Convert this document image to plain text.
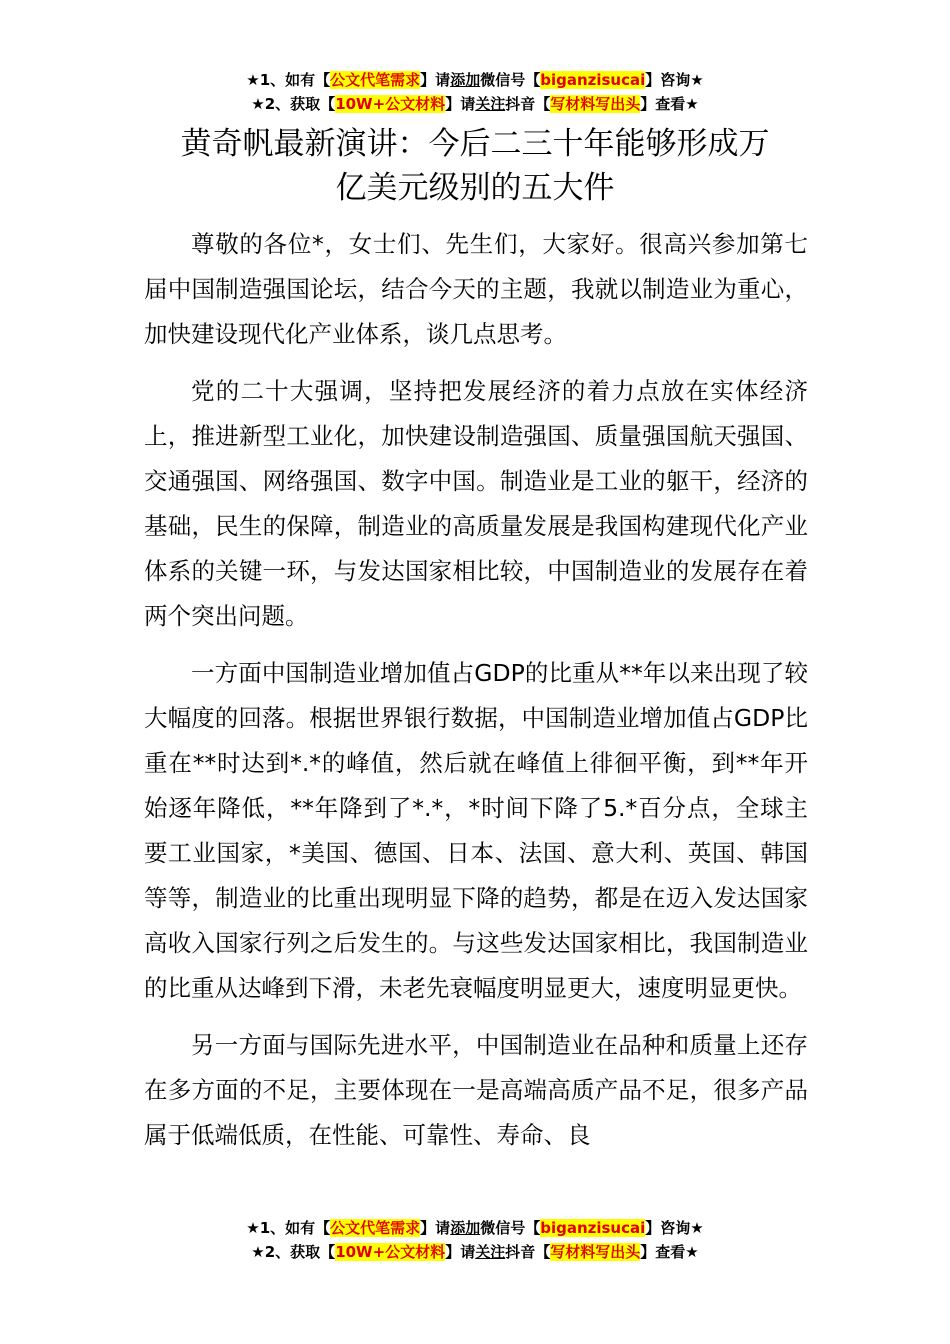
★1、如有【公文代笔需求】请添加微信号【biganzisucai】咨询★
★2、获取【10W+公文材料】请关注抖音【写材料写出头】查看★
黄奇帆最新演讲：今后二三十年能够形成万
亿美元级别的五大件

尊敬的各位*，女士们、先生们，大家好。很高兴参加第七届中国制造强国论坛，结合今天的主题，我就以制造业为重心，加快建设现代化产业体系，谈几点思考。

党的二十大强调，坚持把发展经济的着力点放在实体经济上，推进新型工业化，加快建设制造强国、质量强国航天强国、交通强国、网络强国、数字中国。制造业是工业的躯干，经济的基础，民生的保障，制造业的高质量发展是我国构建现代化产业体系的关键一环，与发达国家相比较，中国制造业的发展存在着两个突出问题。

一方面中国制造业增加值占GDP的比重从**年以来出现了较大幅度的回落。根据世界银行数据，中国制造业增加值占GDP比重在**时达到*.*的峰值，然后就在峰值上徘徊平衡，到**年开始逐年降低，**年降到了*.*，*时间下降了5.*百分点，全球主要工业国家，*美国、德国、日本、法国、意大利、英国、韩国等等，制造业的比重出现明显下降的趋势，都是在迈入发达国家高收入国家行列之后发生的。与这些发达国家相比，我国制造业的比重从达峰到下滑，未老先衰幅度明显更大，速度明显更快。

另一方面与国际先进水平，中国制造业在品种和质量上还存在多方面的不足，主要体现在一是高端高质产品不足，很多产品属于低端低质，在性能、可靠性、寿命、良

★1、如有【公文代笔需求】请添加微信号【biganzisucai】咨询★
★2、获取【10W+公文材料】请关注抖音【写材料写出头】查看★
